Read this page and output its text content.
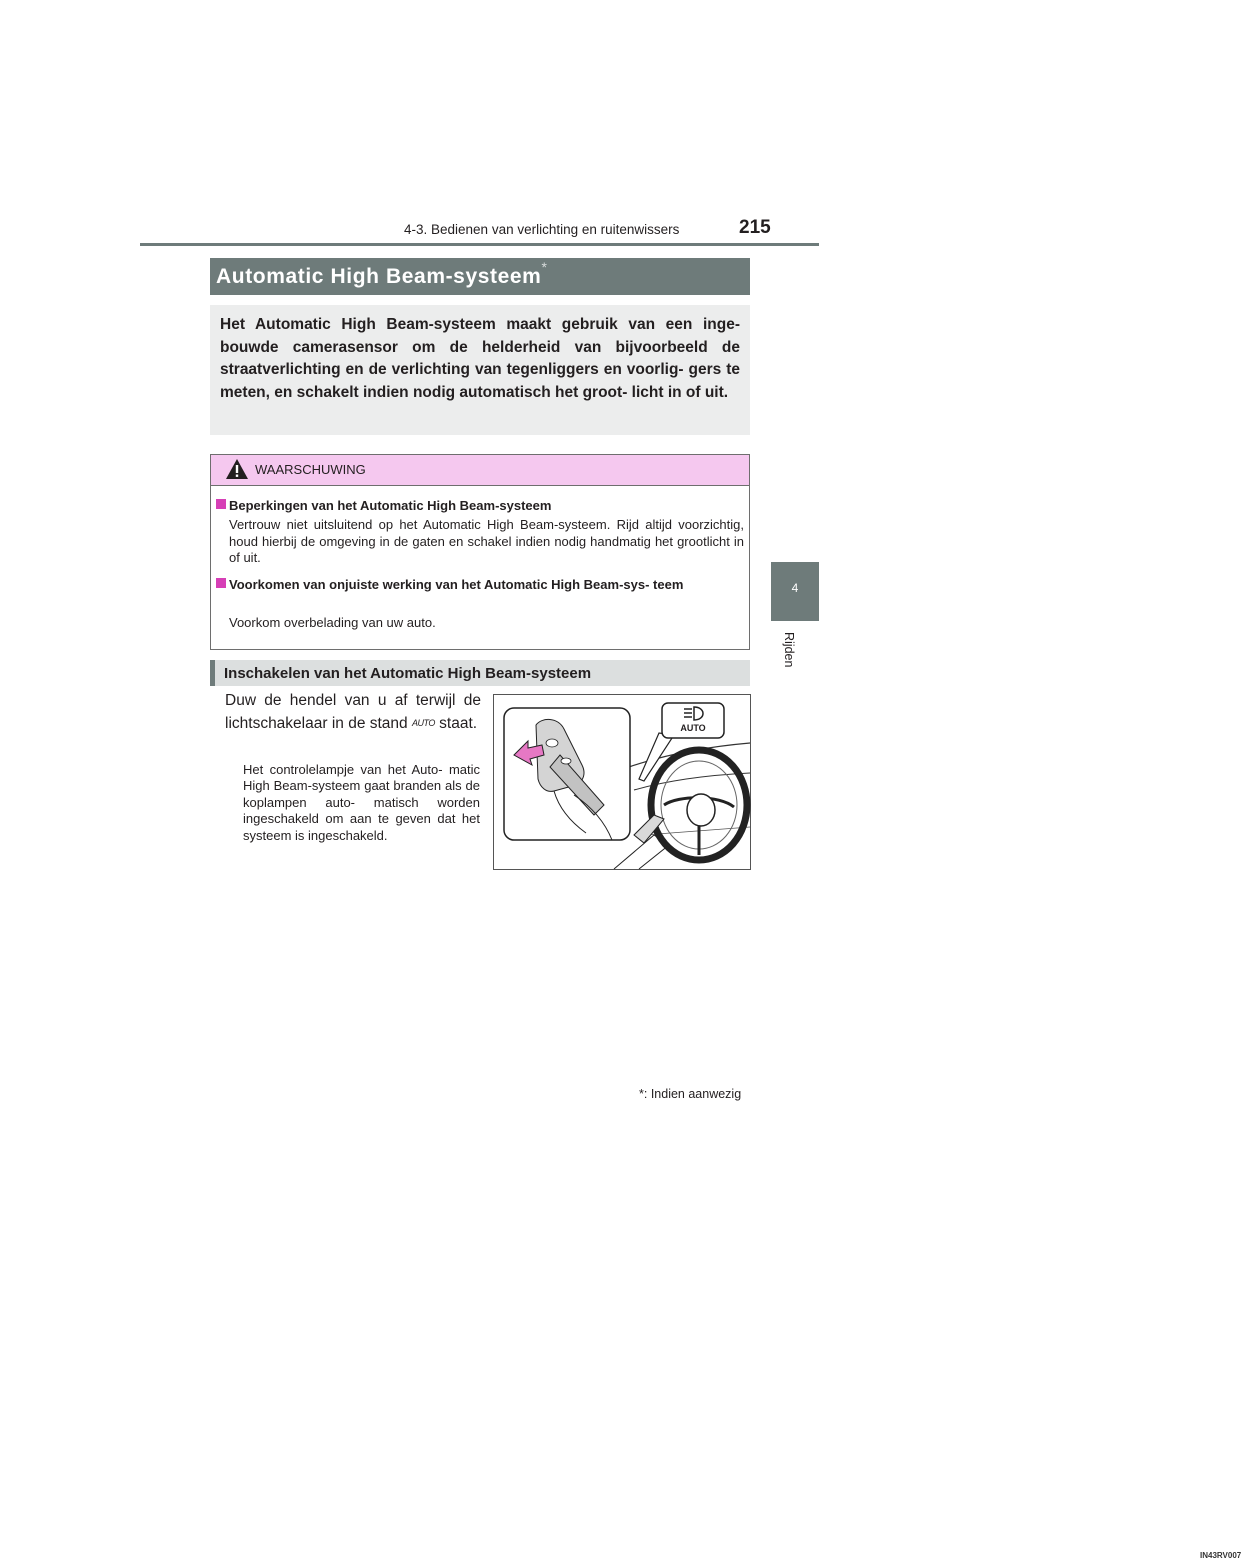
4-3. Bedienen van verlichting en ruitenwissers	215
4
Rijden
Automatic High Beam-systeem*

Het Automatic High Beam-systeem maakt gebruik van een inge- bouwde camerasensor om de helderheid van bijvoorbeeld de straatverlichting en de verlichting van tegenliggers en voorlig- gers te meten, en schakelt indien nodig automatisch het groot- licht in of uit.

WAARSCHUWING
Beperkingen van het Automatic High Beam-systeem
Vertrouw niet uitsluitend op het Automatic High Beam-systeem. Rijd altijd voorzichtig, houd hierbij de omgeving in de gaten en schakel indien nodig handmatig het grootlicht in of uit.
Voorkomen van onjuiste werking van het Automatic High Beam-sys- teem
Voorkom overbelading van uw auto.
Inschakelen van het Automatic High Beam-systeem
Duw de hendel van u af terwijl de lichtschakelaar in de stand AUTO staat.
Het controlelampje van het Auto- matic High Beam-systeem gaat branden als de koplampen auto- matisch worden ingeschakeld om aan te geven dat het systeem is ingeschakeld.
AUTO
IN43RV007
*: Indien aanwezig
